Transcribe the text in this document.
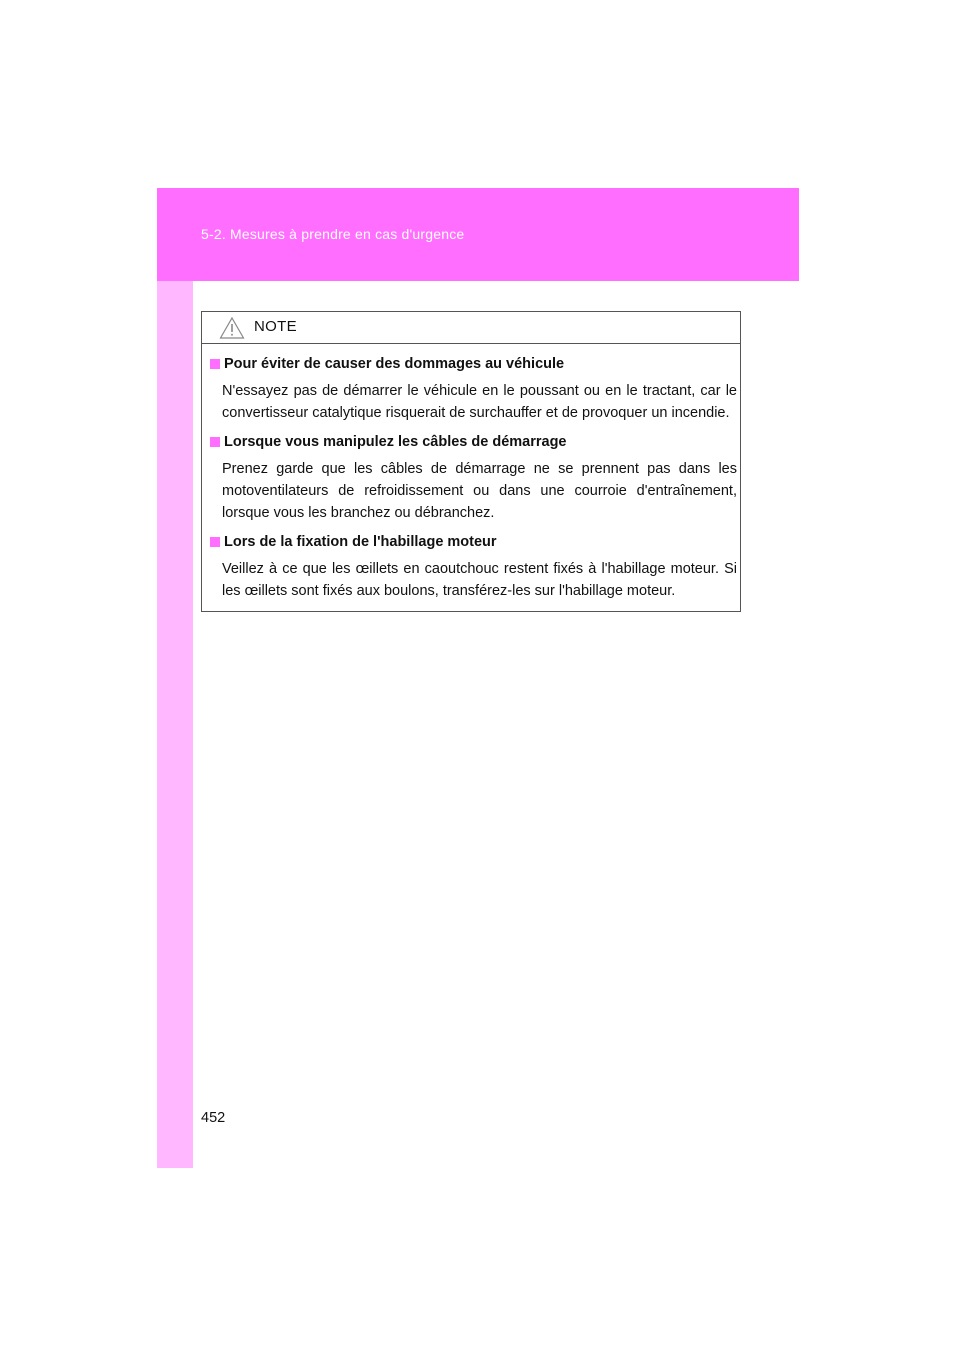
5-2. Mesures à prendre en cas d'urgence
NOTE

Pour éviter de causer des dommages au véhicule

N'essayez pas de démarrer le véhicule en le poussant ou en le tractant, car le convertisseur catalytique risquerait de surchauffer et de provoquer un incendie.

Lorsque vous manipulez les câbles de démarrage

Prenez garde que les câbles de démarrage ne se prennent pas dans les motoventilateurs de refroidissement ou dans une courroie d'entraînement, lorsque vous les branchez ou débranchez.

Lors de la fixation de l'habillage moteur

Veillez à ce que les œillets en caoutchouc restent fixés à l'habillage moteur. Si les œillets sont fixés aux boulons, transférez-les sur l'habillage moteur.

452
